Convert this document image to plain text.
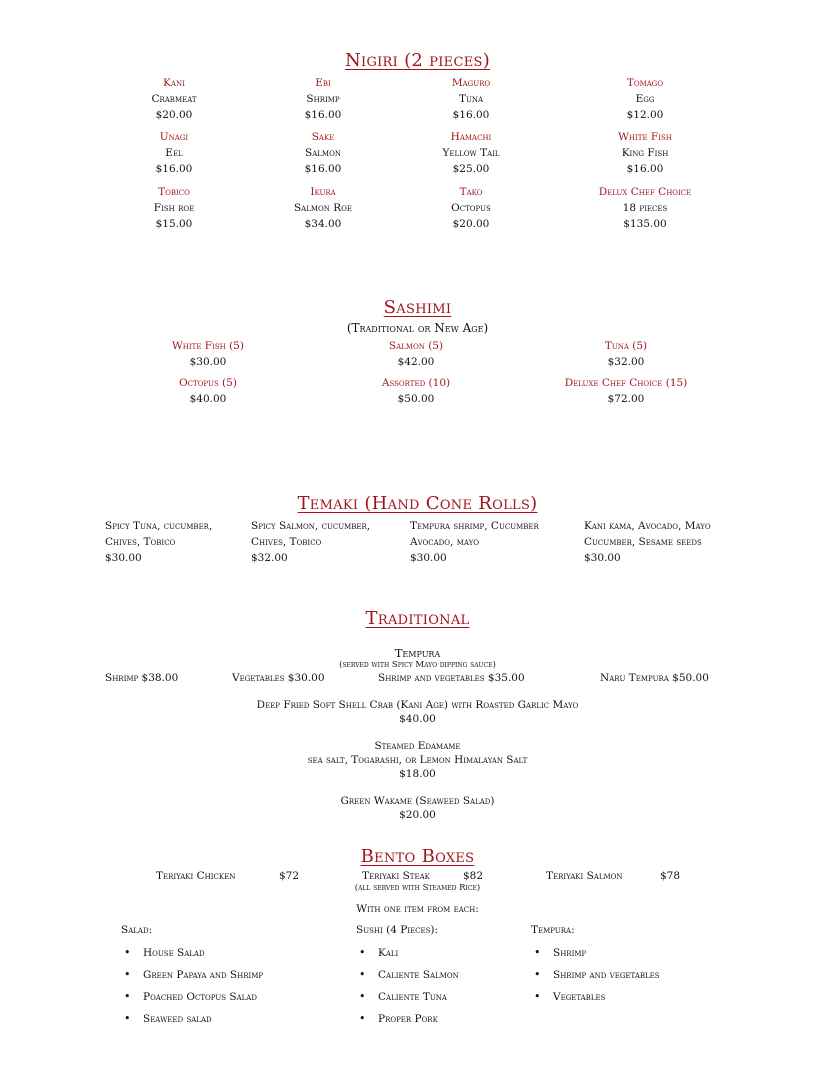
Nigiri (2 pieces)
Kani
Crabmeat
$20.00
Ebi
Shrimp
$16.00
Maguro
Tuna
$16.00
Tomago
Egg
$12.00
Unagi
Eel
$16.00
Sake
Salmon
$16.00
Hamachi
Yellow Tail
$25.00
White Fish
King Fish
$16.00
Tobico
Fish roe
$15.00
Ikura
Salmon Roe
$34.00
Tako
Octopus
$20.00
Delux Chef Choice
18 pieces
$135.00
Sashimi
(Traditional or New Age)
White Fish (5)
$30.00
Salmon (5)
$42.00
Tuna (5)
$32.00
Octopus (5)
$40.00
Assorted (10)
$50.00
Deluxe Chef Choice (15)
$72.00
Temaki (Hand Cone Rolls)
Spicy Tuna, cucumber,
Chives, Tobico
$30.00
Spicy Salmon, cucumber,
Chives, Tobico
$32.00
Tempura shrimp, Cucumber
Avocado, mayo
$30.00
Kani kama, Avocado, Mayo
Cucumber, Sesame seeds
$30.00
Traditional
Tempura
(served with Spicy Mayo dipping sauce)
Shrimp $38.00	Vegetables $30.00	Shrimp and vegetables $35.00	Naru Tempura $50.00
Deep Fried Soft Shell Crab (Kani Age) with Roasted Garlic Mayo
$40.00
Steamed Edamame
sea salt, Togarashi, or Lemon Himalayan Salt
$18.00
Green Wakame (Seaweed Salad)
$20.00
Bento Boxes
Teriyaki Chicken	$72	Teriyaki Steak	$82	Teriyaki Salmon	$78
(all served with Steamed Rice)
With one item from each:
Salad:
• House Salad
• Green Papaya and Shrimp
• Poached Octopus Salad
• Seaweed salad
Sushi (4 Pieces):
• Kali
• Caliente Salmon
• Caliente Tuna
• Proper Pork
Tempura:
• Shrimp
• Shrimp and vegetables
• Vegetables
